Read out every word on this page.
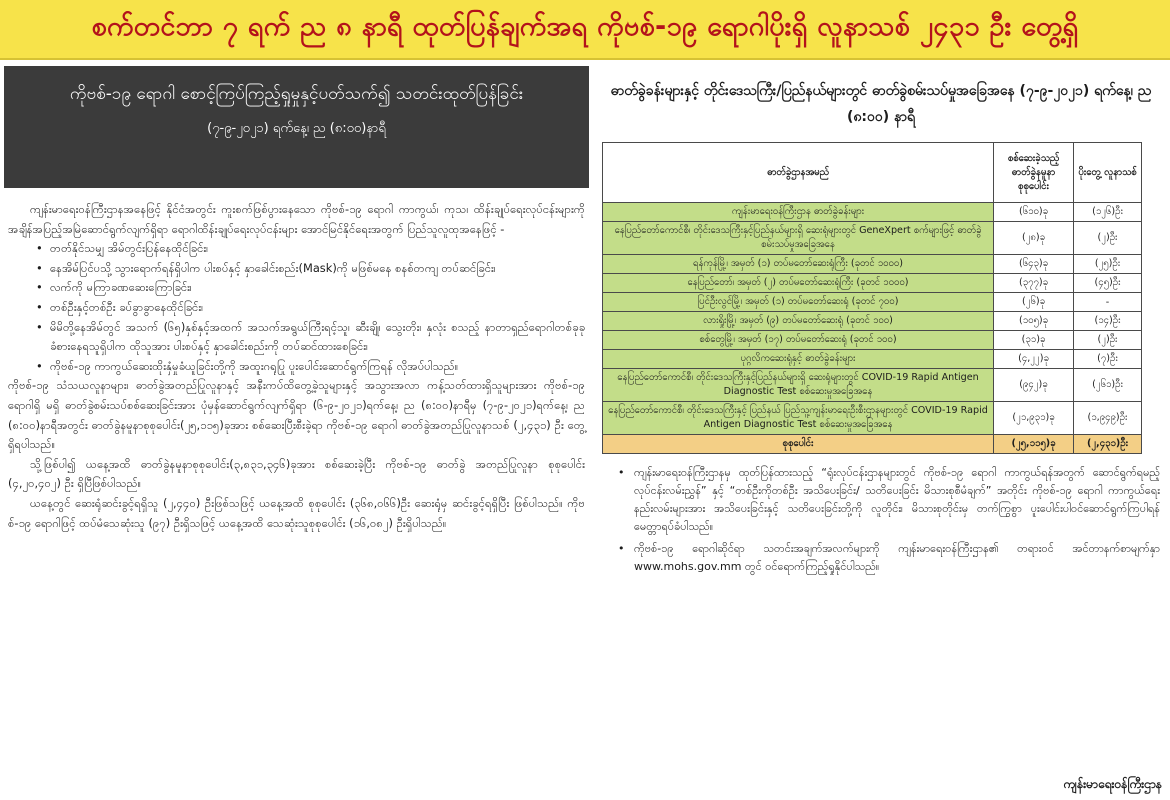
စက်တင်ဘာ ၇ ရက် ည ၈ နာရီ ထုတ်ပြန်ချက်အရ ကိုဗစ်-၁၉ ရောဂါပိုးရှိ လူနာသစ် ၂၄၃၁ ဦး တွေ့ရှိ
ကိုဗစ်-၁၉ ရောဂါ စောင့်ကြပ်ကြည့်ရှုမှုနှင့်ပတ်သက်၍ သတင်းထုတ်ပြန်ခြင်း
(၇-၉-၂၀၂၁) ရက်နေ့၊ ည (၈:၀၀)နာရီ

ကျန်းမာရေးဝန်ကြီးဌာနအနေဖြင့် နိုင်ငံအတွင်း ကူးစက်ဖြစ်ပွားနေသော ကိုဗစ်-၁၉ ရောဂါ ကာကွယ်၊ ကုသ၊ ထိန်းချုပ်ရေးလုပ်ငန်းများကို အချိန်အပြည့်အမြဲဆောင်ရွက်လျက်ရှိရာ ရောဂါထိန်းချုပ်ရေးလုပ်ငန်းများ အောင်မြင်နိုင်ရေးအတွက် ပြည်သူလူထုအနေဖြင့် -

• တတ်နိုင်သမျှ အိမ်တွင်းပြန်နေထိုင်ခြင်း၊
• နေအိမ်ပြင်ပသို့ သွားရောက်ရန်ရှိပါက ပါးစပ်နှင့် နှာခေါင်းစည်း(Mask)ကို မဖြစ်မနေ စနစ်တကျ တပ်ဆင်ခြင်း၊
• လက်ကို မကြာခဏဆေးကြောခြင်း၊
• တစ်ဦးနှင့်တစ်ဦး ခပ်ခွာခွာနေထိုင်ခြင်း၊
• မိမိတို့နေအိမ်တွင် အသက် (၆၅)နှစ်နှင့်အထက် အသက်အရွယ်ကြီးရင့်သူ၊ ဆီးချို၊ သွေးတိုး၊ နှလုံး စသည့် နာတာရှည်ရောဂါတစ်ခုခုခံစားနေရသူရှိပါက ထိုသူအား ပါးစပ်နှင့် နှာခေါင်းစည်းကို တပ်ဆင်ထားစေခြင်း၊
• ကိုဗစ်-၁၉ ကာကွယ်ဆေးထိုးနှံမှုခံယူခြင်းတို့ကို အထူးဂရုပြု ပူးပေါင်းဆောင်ရွက်ကြရန် လိုအပ်ပါသည်။

ကိုဗစ်-၁၉ သံသယလူနာများ၊ ဓာတ်ခွဲအတည်ပြုလူနာနှင့် အနီးကပ်ထိတွေ့ခဲ့သူများနှင့် အသွားအလာ ကန့်သတ်ထားရှိသူများအား ကိုဗစ်-၁၉ ရောဂါရှိ မရှိ ဓာတ်ခွဲစမ်းသပ်စစ်ဆေးခြင်းအား ပုံမှန်ဆောင်ရွက်လျက်ရှိရာ (၆-၉-၂၀၂၁)ရက်နေ့၊ ည (၈:၀၀)နာရီမှ (၇-၉-၂၀၂၁)ရက်နေ့၊ ည (၈:၀၀)နာရီအတွင်း ဓာတ်ခွဲနမူနာစုစုပေါင်း(၂၅,၁၁၅)ခုအား စစ်ဆေးပြီးစီးခဲ့ရာ ကိုဗစ်-၁၉ ရောဂါ ဓာတ်ခွဲအတည်ပြုလူနာသစ် (၂,၄၃၁) ဦး တွေ့ရှိရပါသည်။

သို့ဖြစ်ပါ၍ ယနေ့အထိ ဓာတ်ခွဲနမူနာစုစုပေါင်း(၃,၈၃၁,၃၄၆)ခုအား စစ်ဆေးခဲ့ပြီး ကိုဗစ်-၁၉ ဓာတ်ခွဲ အတည်ပြုလူနာ စုစုပေါင်း (၄,၂၀,၄၀၂) ဦး ရှိပြီဖြစ်ပါသည်။

ယနေ့တွင် ဆေးရုံဆင်းခွင့်ရရှိသူ (၂,၄၄၀) ဦးဖြစ်သဖြင့် ယနေ့အထိ စုစုပေါင်း (၃၆၈,၀၆၆)ဦး ဆေးရုံမှ ဆင်းခွင့်ရရှိပြီး ဖြစ်ပါသည်။ ကိုဗစ်-၁၉ ရောဂါဖြင့် ထပ်မံသေဆုံးသူ (၉၇) ဦးရှိသဖြင့် ယနေ့အထိ သေဆုံးသူစုစုပေါင်း (၁၆,၀၈၂) ဦးရှိပါသည်။

ဓာတ်ခွဲခန်းများနှင့် တိုင်းဒေသကြီး/ပြည်နယ်များတွင် ဓာတ်ခွဲစမ်းသပ်မှုအခြေအနေ (၇-၉-၂၀၂၁) ရက်နေ့၊ ည (၈:၀၀) နာရီ
ဓာတ်ခွဲဌာနအမည်	စစ်ဆေးခဲ့သည့် ဓာတ်ခွဲနမူနာ စုစုပေါင်း	ပိုးတွေ့ လူနာသစ်
ကျန်းမာရေးဝန်ကြီးဌာန ဓာတ်ခွဲခန်းများ	(၆၁၀)ခု	(၁၂၆)ဦး
နေပြည်တော်ကောင်စီ၊ တိုင်းဒေသကြီးနှင့်ပြည်နယ်များရှိ ဆေးရုံများတွင် GeneXpert စက်များဖြင့် ဓာတ်ခွဲစမ်းသပ်မှုအခြေအနေ	(၂၈)ခု	(၂)ဦး
ရန်ကုန်မြို့၊ အမှတ် (၁) တပ်မတော်ဆေးရုံကြီး (ခုတင် ၁၀၀၀)	(၆၄၃)ခု	(၂၅)ဦး
နေပြည်တော်၊ အမှတ် (၂) တပ်မတော်ဆေးရုံကြီး (ခုတင် ၁၀၀၀)	(၃၇၇)ခု	(၄၅)ဦး
ပြင်ဦးလွင်မြို့၊ အမှတ် (၁) တပ်မတော်ဆေးရုံ (ခုတင် ၇၀၀)	(၂၆)ခု	-
လားရှိုးမြို့၊ အမှတ် (၉) တပ်မတော်ဆေးရုံ (ခုတင် ၁၀၀)	(၁၀၅)ခု	(၁၄)ဦး
စစ်တွေမြို့၊ အမှတ် (၁၇) တပ်မတော်ဆေးရုံ (ခုတင် ၁၀၀)	(၃၁)ခု	(၂)ဦး
ပုဂ္ဂလိကဆေးရုံနှင့် ဓာတ်ခွဲခန်းများ	(၄,၂၂)ခု	(၇)ဦး
နေပြည်တော်ကောင်စီ၊ တိုင်းဒေသကြီးနှင့်ပြည်နယ်များရှိ ဆေးရုံများတွင် COVID-19 Rapid Antigen Diagnostic Test စစ်ဆေးမှုအခြေအနေ	(၉၄၂)ခု	(၂၆၁)ဦး
နေပြည်တော်ကောင်စီ၊ တိုင်းဒေသကြီးနှင့် ပြည်နယ် ပြည်သူ့ကျန်းမာရေးဦးစီးဌာနများတွင် COVID-19 Rapid Antigen Diagnostic Test စစ်ဆေးမှုအခြေအနေ	(၂၁,၉၃၁)ခု	(၁,၉၄၉)ဦး
စုစုပေါင်း	(၂၅,၁၁၅)ခု	(၂,၄၃၁)ဦး
• ကျန်းမာရေးဝန်ကြီးဌာနမှ ထုတ်ပြန်ထားသည့် “ရုံးလုပ်ငန်းဌာနများတွင် ကိုဗစ်-၁၉ ရောဂါ ကာကွယ်ရန်အတွက် ဆောင်ရွက်ရမည့် လုပ်ငန်းလမ်းညွှန်” နှင့် “တစ်ဦးကိုတစ်ဦး အသိပေးခြင်း/ သတိပေးခြင်း မိသားစုစီမံချက်” အတိုင်း ကိုဗစ်-၁၉ ရောဂါ ကာကွယ်ရေးနည်းလမ်းများအား အသိပေးခြင်းနှင့် သတိပေးခြင်းတို့ကို လူတိုင်း၊ မိသားစုတိုင်းမှ တက်ကြွစွာ ပူးပေါင်းပါဝင်ဆောင်ရွက်ကြပါရန် မေတ္တာရပ်ခံပါသည်။
• ကိုဗစ်-၁၉ ရောဂါဆိုင်ရာ သတင်းအချက်အလက်များကို ကျန်းမာရေးဝန်ကြီးဌာန၏ တရားဝင် အင်တာနက်စာမျက်နှာ www.mohs.gov.mm တွင် ဝင်ရောက်ကြည့်ရှုနိုင်ပါသည်။
ကျန်းမာရေးဝန်ကြီးဌာန
